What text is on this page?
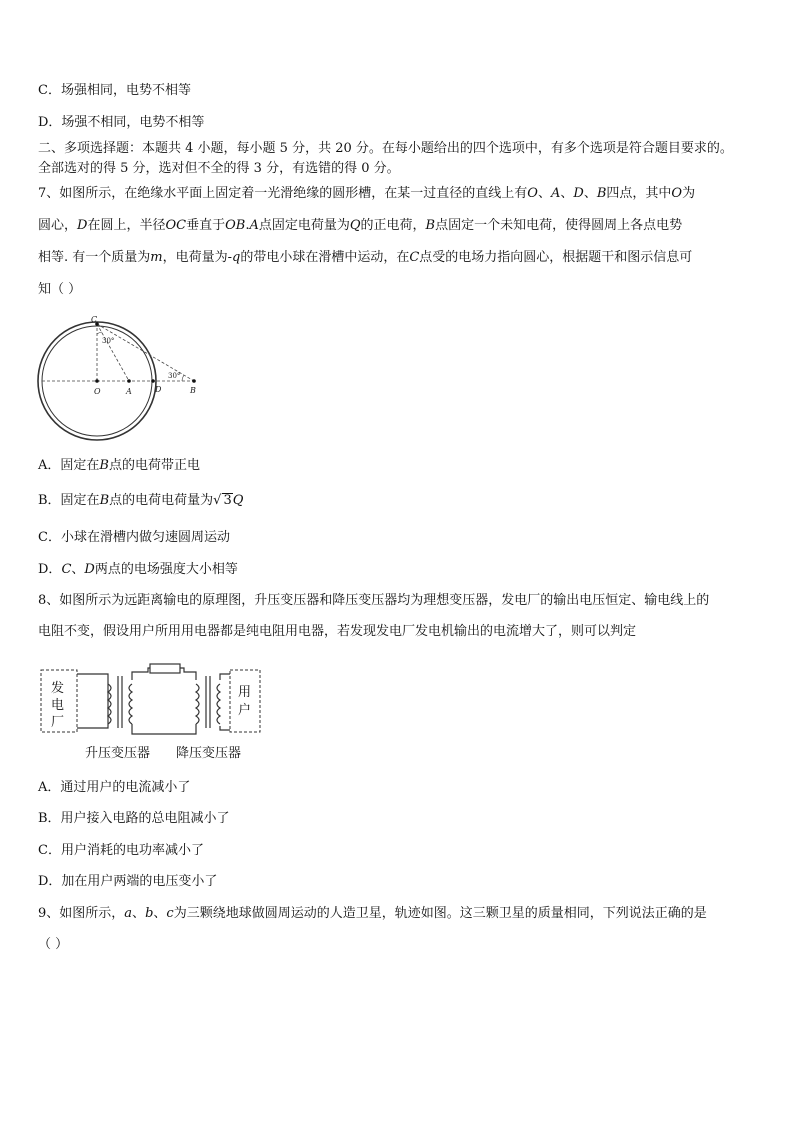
C．场强相同，电势不相等
D．场强不相同，电势不相等
二、多项选择题：本题共 4 小题，每小题 5 分，共 20 分。在每小题给出的四个选项中，有多个选项是符合题目要求的。
全部选对的得 5 分，选对但不全的得 3 分，有选错的得 0 分。
7、如图所示，在绝缘水平面上固定着一光滑绝缘的圆形槽，在某一过直径的直线上有O、A、D、B四点，其中O为
圆心，D在圆上，半径OC垂直于OB.A点固定电荷量为Q的正电荷，B点固定一个未知电荷，使得圆周上各点电势
相等. 有一个质量为m，电荷量为-q的带电小球在滑槽中运动，在C点受的电场力指向圆心，根据题干和图示信息可
知（ ）
C
O	A	D	B
30°
30°
A．固定在B点的电荷带正电
B．固定在B点的电荷电荷量为√ 3Q
C．小球在滑槽内做匀速圆周运动
D．C、D两点的电场强度大小相等
8、如图所示为远距离输电的原理图，升压变压器和降压变压器均为理想变压器，发电厂的输出电压恒定、输电线上的
电阻不变，假设用户所用用电器都是纯电阻用电器，若发现发电厂发电机输出的电流增大了，则可以判定
发
电
厂
用
户
升压变压器 降压变压器
A．通过用户的电流减小了
B．用户接入电路的总电阻减小了
C．用户消耗的电功率减小了
D．加在用户两端的电压变小了
9、如图所示，a、b、c为三颗绕地球做圆周运动的人造卫星，轨迹如图。这三颗卫星的质量相同，下列说法正确的是
（ ）
